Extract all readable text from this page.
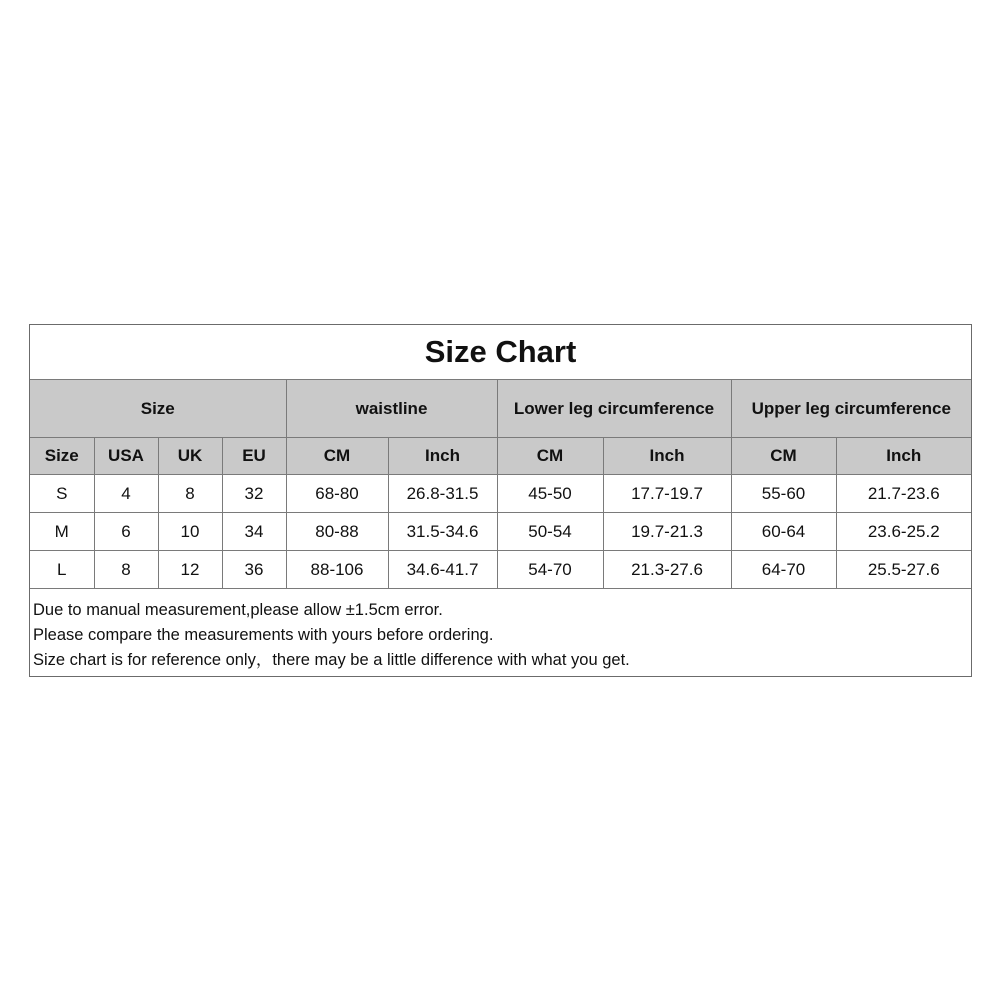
Size Chart									
Size				waistline		Lower leg circumference		Upper leg circumference	
Size	USA	UK	EU	CM	Inch	CM	Inch	CM	Inch
S	4	8	32	68-80	26.8-31.5	45-50	17.7-19.7	55-60	21.7-23.6
M	6	10	34	80-88	31.5-34.6	50-54	19.7-21.3	60-64	23.6-25.2
L	8	12	36	88-106	34.6-41.7	54-70	21.3-27.6	64-70	25.5-27.6
Due to manual measurement,please allow ±1.5cm error.
Please compare the measurements with yours before ordering.
Size chart is for reference only，there may be a little difference with what you get.
